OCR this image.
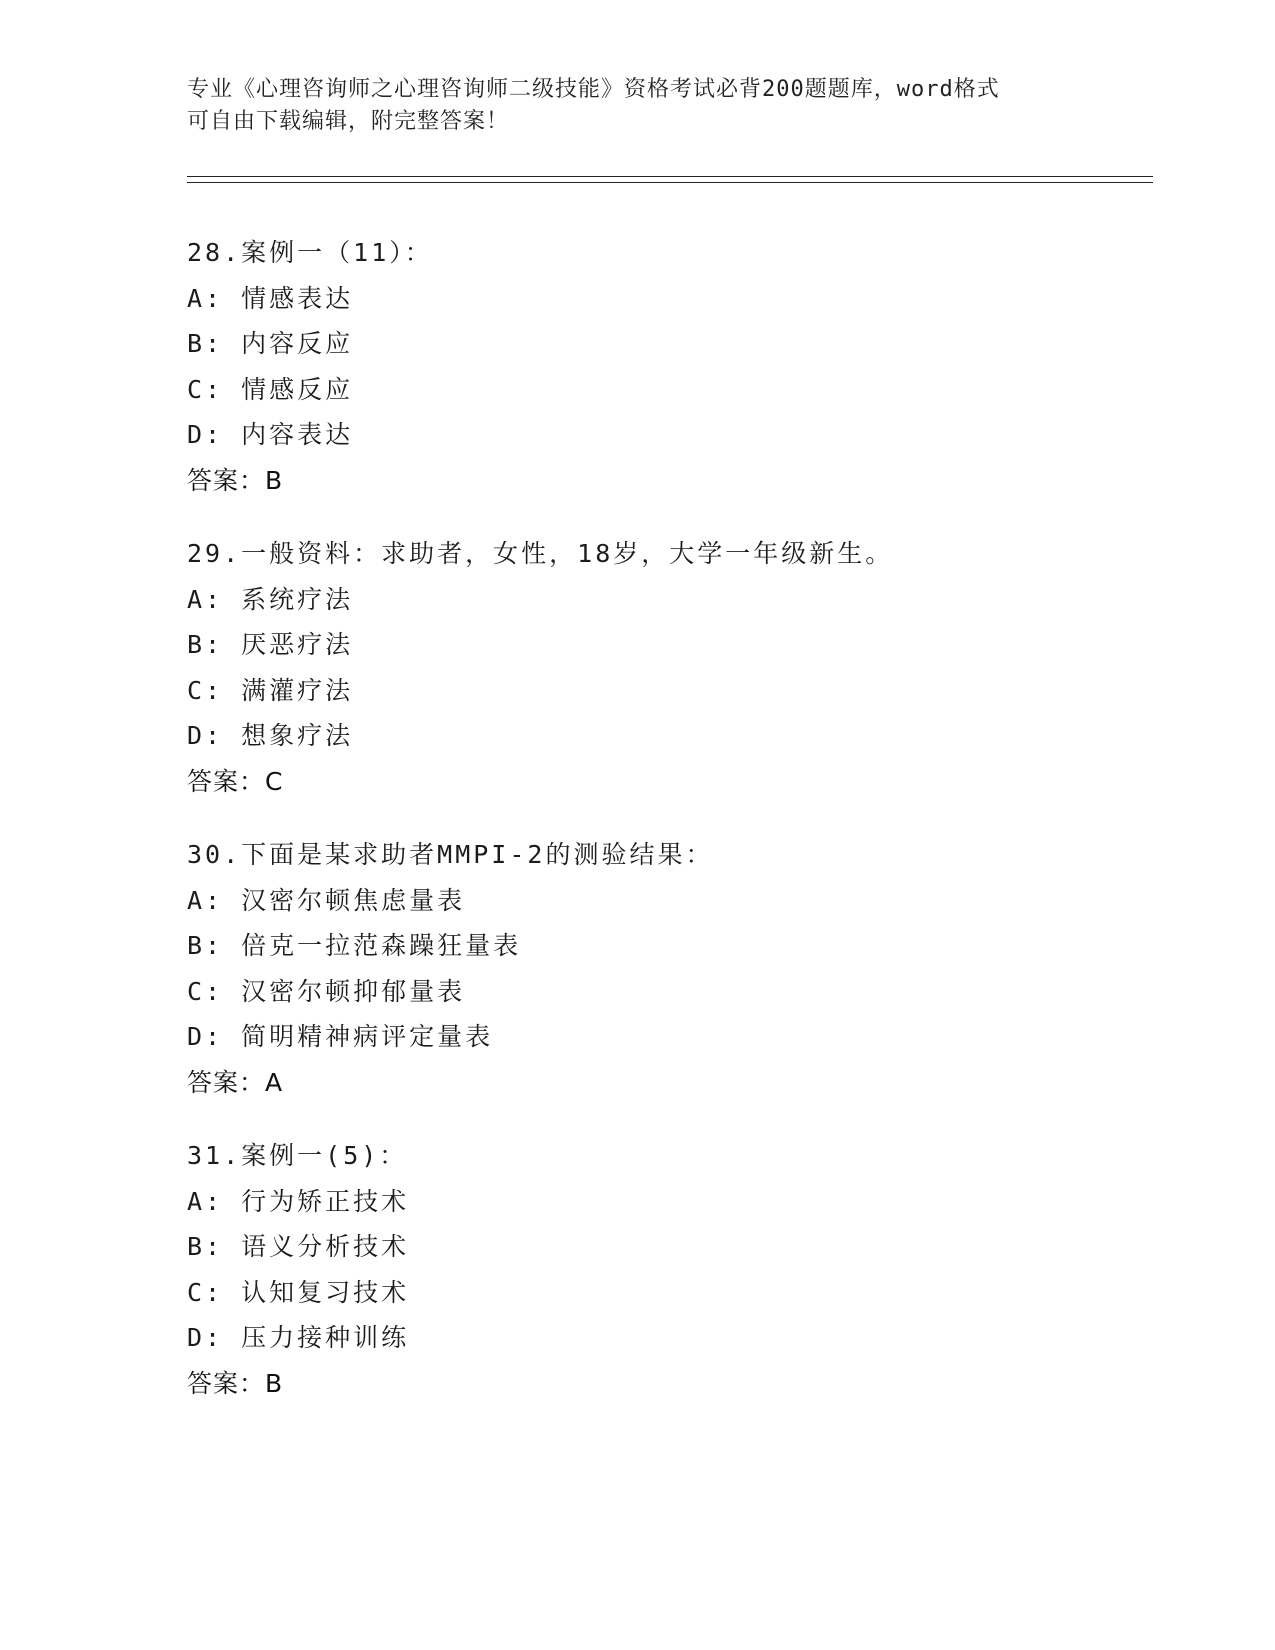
专业《心理咨询师之心理咨询师二级技能》资格考试必背200题题库，word格式
可自由下载编辑，附完整答案！
28.案例一（11）：
A: 情感表达
B: 内容反应
C: 情感反应
D: 内容表达
答案：B
29.一般资料：求助者，女性，18岁，大学一年级新生。
A: 系统疗法
B: 厌恶疗法
C: 满灌疗法
D: 想象疗法
答案：C
30.下面是某求助者MMPI-2的测验结果：
A: 汉密尔顿焦虑量表
B: 倍克一拉范森躁狂量表
C: 汉密尔顿抑郁量表
D: 简明精神病评定量表
答案：A
31.案例一(5)：
A: 行为矫正技术
B: 语义分析技术
C: 认知复习技术
D: 压力接种训练
答案：B
